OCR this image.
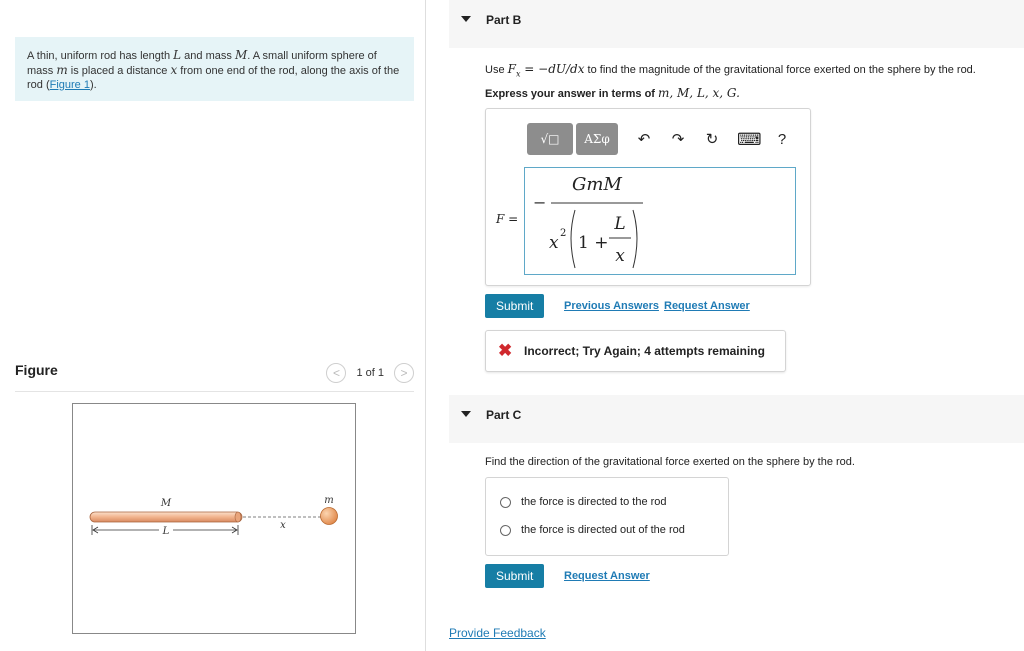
A thin, uniform rod has length L and mass M. A small uniform sphere of mass m is placed a distance x from one end of the rod, along the axis of the rod (Figure 1).
Figure	<	1 of 1	>
M
L
x
m
Part B
Use $F_x = -dU/dx$ to find the magnitude of the gravitational force exerted on the sphere by the rod.
Express your answer in terms of m, M, L, x, G.
√□	ΑΣφ	↶ ↷ ↻ ⌨	?
F =
−
GmM
x 2 1 +
L
x
Submit	Previous Answers Request Answer
✖ Incorrect; Try Again; 4 attempts remaining
Part C
Find the direction of the gravitational force exerted on the sphere by the rod.
the force is directed to the rod
the force is directed out of the rod
Submit	Request Answer
Provide Feedback
